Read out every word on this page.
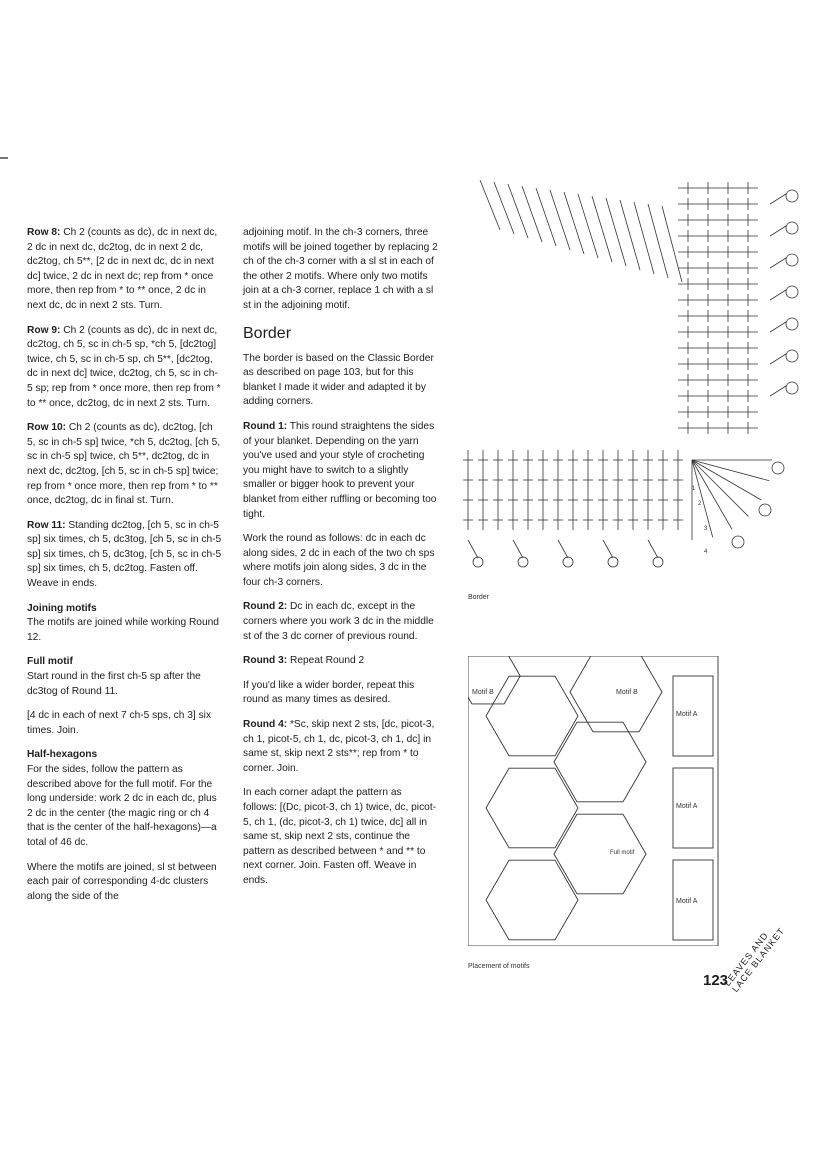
Row 8: Ch 2 (counts as dc), dc in next dc, 2 dc in next dc, dc2tog, dc in next 2 dc, dc2tog, ch 5**, [2 dc in next dc, dc in next dc] twice, 2 dc in next dc; rep from * once more, then rep from * to ** once, 2 dc in next dc, dc in next 2 sts. Turn.

Row 9: Ch 2 (counts as dc), dc in next dc, dc2tog, ch 5, sc in ch-5 sp, *ch 5, [dc2tog] twice, ch 5, sc in ch-5 sp, ch 5**, [dc2tog, dc in next dc] twice, dc2tog, ch 5, sc in ch-5 sp; rep from * once more, then rep from * to ** once, dc2tog, dc in next 2 sts. Turn.

Row 10: Ch 2 (counts as dc), dc2tog, [ch 5, sc in ch-5 sp] twice, *ch 5, dc2tog, [ch 5, sc in ch-5 sp] twice, ch 5**, dc2tog, dc in next dc, dc2tog, [ch 5, sc in ch-5 sp] twice; rep from * once more, then rep from * to ** once, dc2tog, dc in final st. Turn.

Row 11: Standing dc2tog, [ch 5, sc in ch-5 sp] six times, ch 5, dc3tog, [ch 5, sc in ch-5 sp] six times, ch 5, dc3tog, [ch 5, sc in ch-5 sp] six times, ch 5, dc2tog. Fasten off. Weave in ends.

Joining motifs
The motifs are joined while working Round 12.

Full motif
Start round in the first ch-5 sp after the dc3tog of Round 11.

[4 dc in each of next 7 ch-5 sps, ch 3] six times. Join.

Half-hexagons
For the sides, follow the pattern as described above for the full motif. For the long underside: work 2 dc in each dc, plus 2 dc in the center (the magic ring or ch 4 that is the center of the half-hexagons)—a total of 46 dc.

Where the motifs are joined, sl st between each pair of corresponding 4-dc clusters along the side of the

adjoining motif. In the ch-3 corners, three motifs will be joined together by replacing 2 ch of the ch-3 corner with a sl st in each of the other 2 motifs. Where only two motifs join at a ch-3 corner, replace 1 ch with a sl st in the adjoining motif.

Border

The border is based on the Classic Border as described on page 103, but for this blanket I made it wider and adapted it by adding corners.

Round 1: This round straightens the sides of your blanket. Depending on the yarn you've used and your style of crocheting you might have to switch to a slightly smaller or bigger hook to prevent your blanket from either ruffling or becoming too tight.

Work the round as follows: dc in each dc along sides, 2 dc in each of the two ch sps where motifs join along sides, 3 dc in the four ch-3 corners.

Round 2: Dc in each dc, except in the corners where you work 3 dc in the middle st of the 3 dc corner of previous round.

Round 3: Repeat Round 2

If you'd like a wider border, repeat this round as many times as desired.

Round 4: *Sc, skip next 2 sts, [dc, picot-3, ch 1, picot-5, ch 1, dc, picot-3, ch 1, dc] in same st, skip next 2 sts**; rep from * to corner. Join.

In each corner adapt the pattern as follows: [(Dc, picot-3, ch 1) twice, dc, picot-5, ch 1, (dc, picot-3, ch 1) twice, dc] all in same st, skip next 2 sts, continue the pattern as described between * and ** to next corner. Join. Fasten off. Weave in ends.

1
2
3
4
Border
Motif B	Motif B
Motif A
Motif A
Motif A
Full motif
Placement of motifs
123
LEAVES AND LACE BLANKET
